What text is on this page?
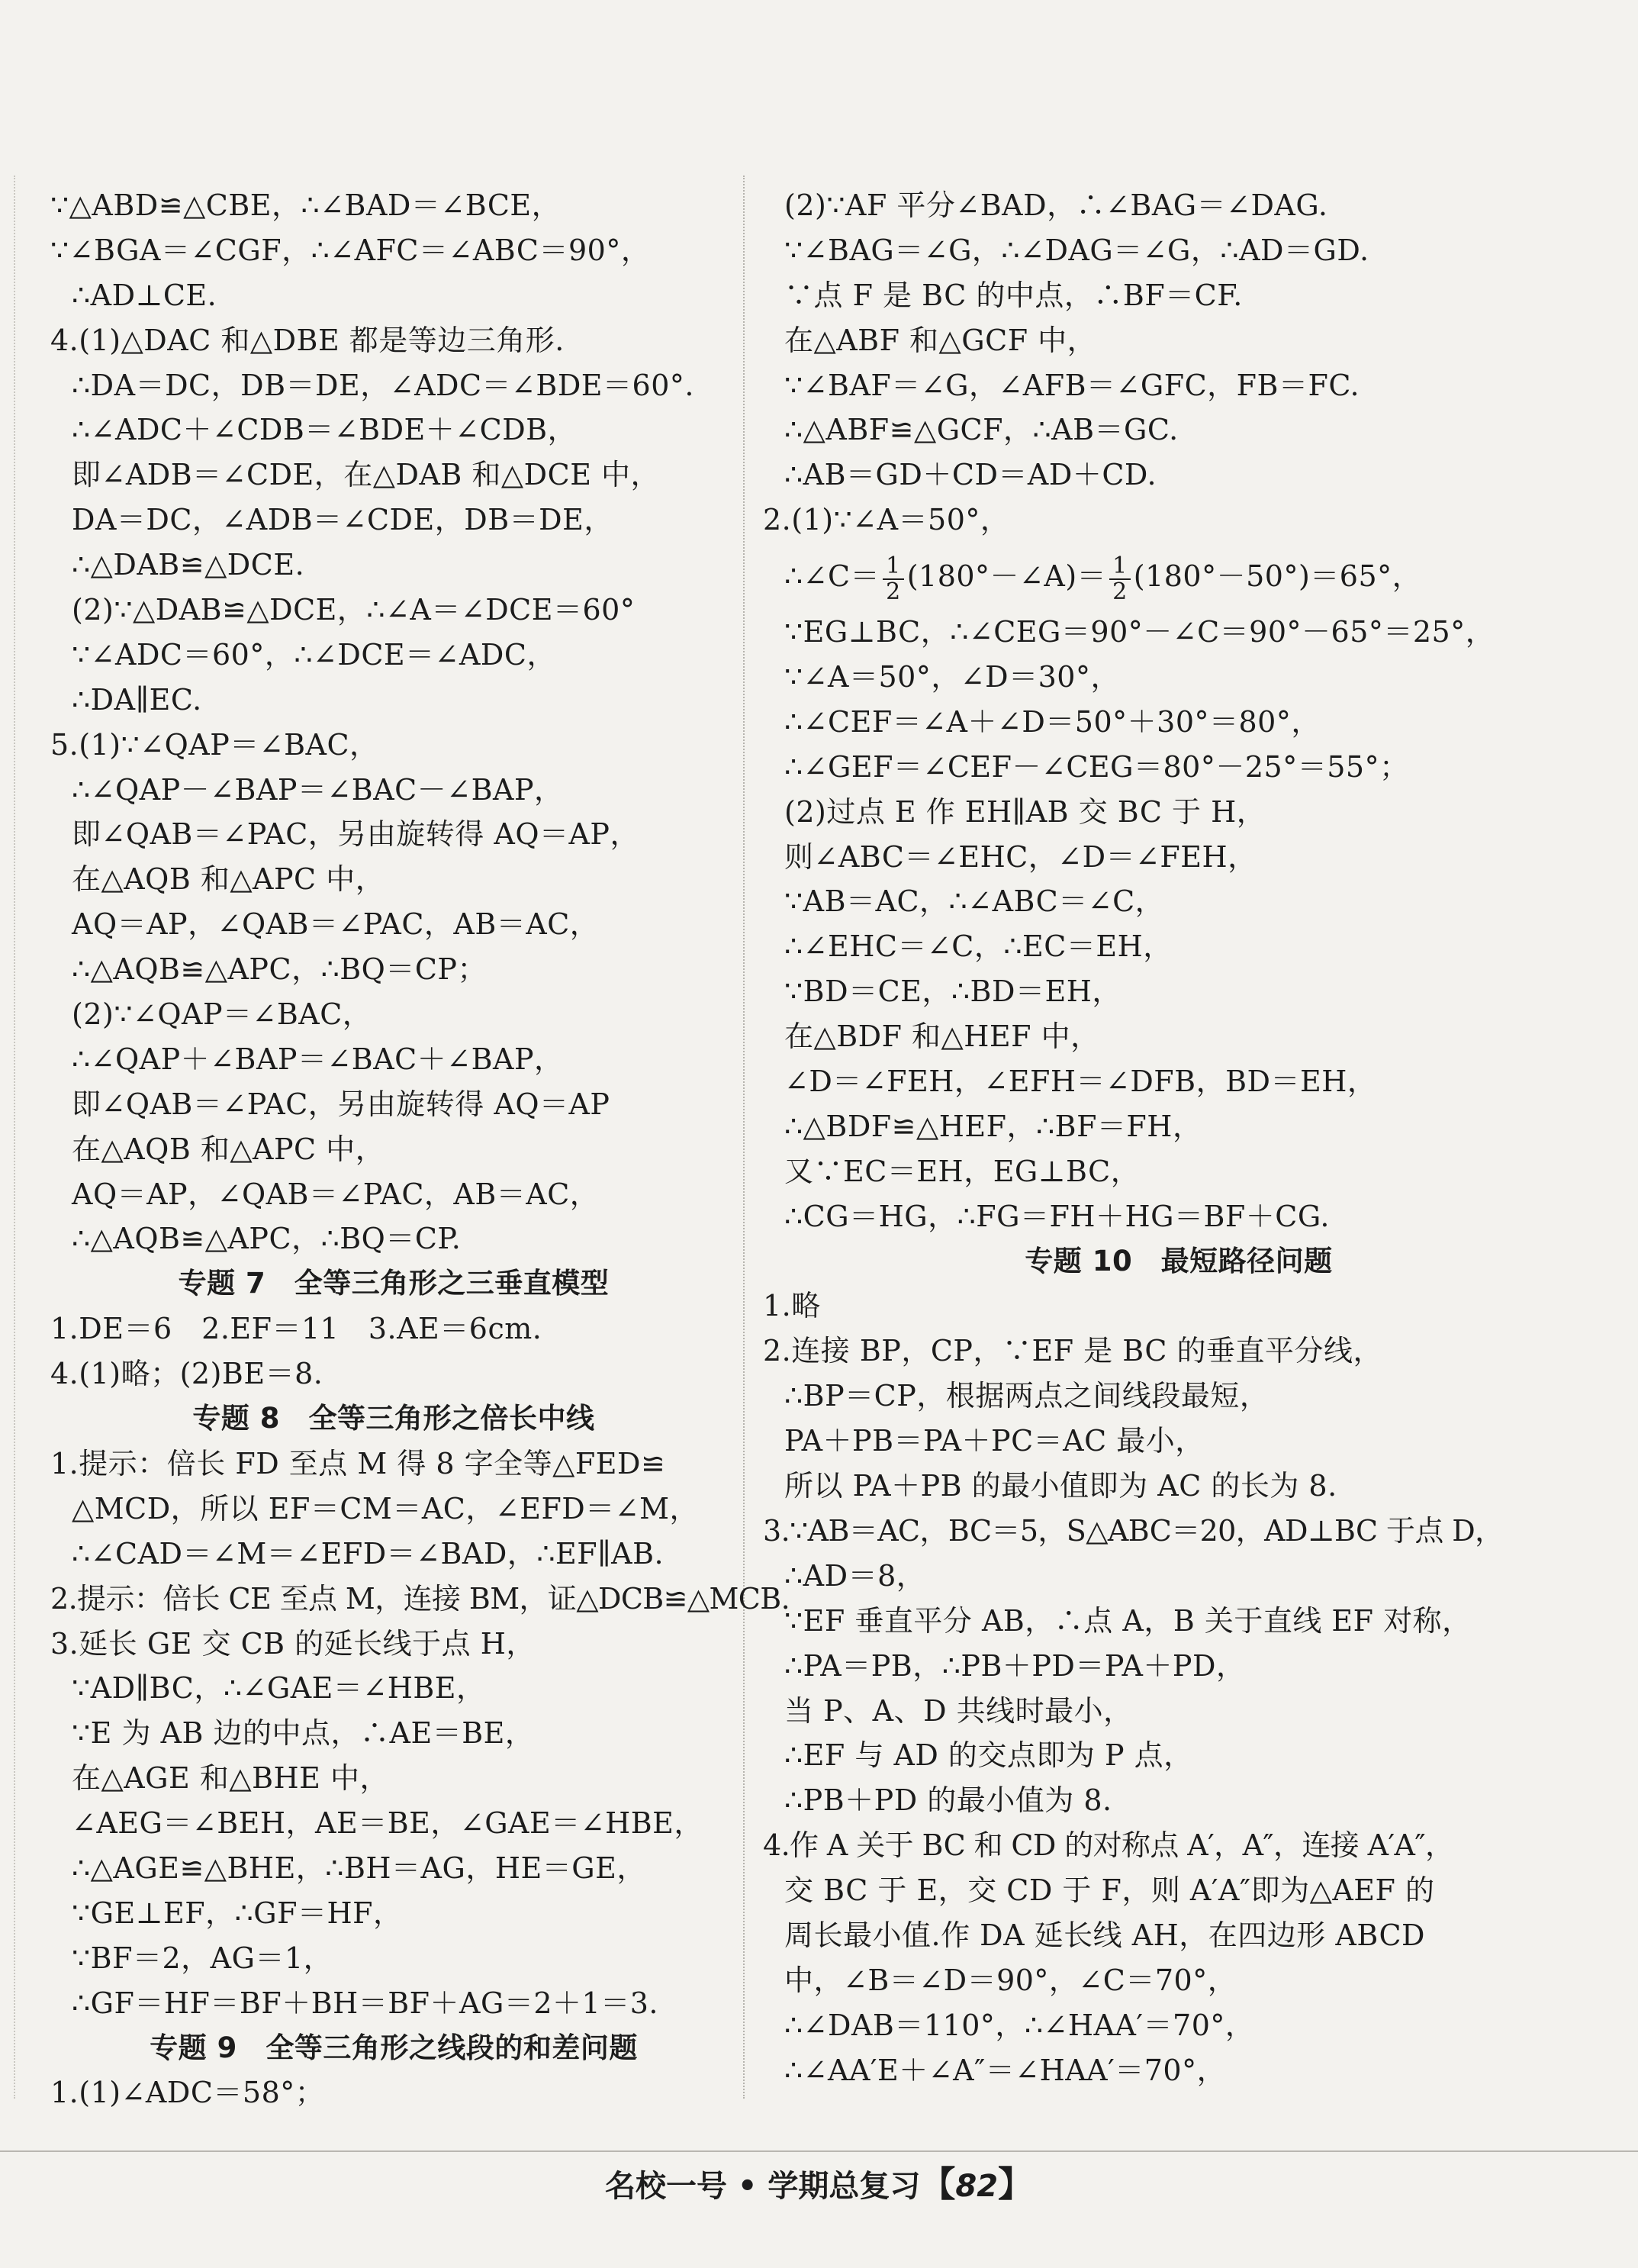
∵△ABD≌△CBE，∴∠BAD＝∠BCE，
∵∠BGA＝∠CGF，∴∠AFC＝∠ABC＝90°，
∴AD⊥CE.
4.(1)△DAC 和△DBE 都是等边三角形.
∴DA＝DC，DB＝DE，∠ADC＝∠BDE＝60°.
∴∠ADC＋∠CDB＝∠BDE＋∠CDB，
即∠ADB＝∠CDE，在△DAB 和△DCE 中，
DA＝DC，∠ADB＝∠CDE，DB＝DE，
∴△DAB≌△DCE.
(2)∵△DAB≌△DCE，∴∠A＝∠DCE＝60°
∵∠ADC＝60°，∴∠DCE＝∠ADC，
∴DA∥EC.
5.(1)∵∠QAP＝∠BAC，
∴∠QAP－∠BAP＝∠BAC－∠BAP，
即∠QAB＝∠PAC，另由旋转得 AQ＝AP，
在△AQB 和△APC 中，
AQ＝AP，∠QAB＝∠PAC，AB＝AC，
∴△AQB≌△APC，∴BQ＝CP；
(2)∵∠QAP＝∠BAC，
∴∠QAP＋∠BAP＝∠BAC＋∠BAP，
即∠QAB＝∠PAC，另由旋转得 AQ＝AP
在△AQB 和△APC 中，
AQ＝AP，∠QAB＝∠PAC，AB＝AC，
∴△AQB≌△APC，∴BQ＝CP.
专题 7　全等三角形之三垂直模型
1.DE＝6　2.EF＝11　3.AE＝6cm.
4.(1)略；(2)BE＝8.
专题 8　全等三角形之倍长中线
1.提示：倍长 FD 至点 M 得 8 字全等△FED≌
△MCD，所以 EF＝CM＝AC，∠EFD＝∠M，
∴∠CAD＝∠M＝∠EFD＝∠BAD，∴EF∥AB.
2.提示：倍长 CE 至点 M，连接 BM，证△DCB≌△MCB.
3.延长 GE 交 CB 的延长线于点 H，
∵AD∥BC，∴∠GAE＝∠HBE，
∵E 为 AB 边的中点，∴AE＝BE，
在△AGE 和△BHE 中，
∠AEG＝∠BEH，AE＝BE，∠GAE＝∠HBE，
∴△AGE≌△BHE，∴BH＝AG，HE＝GE，
∵GE⊥EF，∴GF＝HF，
∵BF＝2，AG＝1，
∴GF＝HF＝BF＋BH＝BF＋AG＝2＋1＝3.
专题 9　全等三角形之线段的和差问题
1.(1)∠ADC＝58°；
(2)∵AF 平分∠BAD，∴∠BAG＝∠DAG.
∵∠BAG＝∠G，∴∠DAG＝∠G，∴AD＝GD.
∵点 F 是 BC 的中点，∴BF＝CF.
在△ABF 和△GCF 中，
∵∠BAF＝∠G，∠AFB＝∠GFC，FB＝FC.
∴△ABF≌△GCF，∴AB＝GC.
∴AB＝GD＋CD＝AD＋CD.
2.(1)∵∠A＝50°，
∴∠C＝ $\frac{1}{2}$ (180°－∠A)＝ $\frac{1}{2} (180^\circ-50^\circ)=65^\circ$，
∵EG⊥BC，∴∠CEG＝90°－∠C＝90°－65°＝25°，
∵∠A＝50°，∠D＝30°，
∴∠CEF＝∠A＋∠D＝50°＋30°＝80°，
∴∠GEF＝∠CEF－∠CEG＝80°－25°＝55°；
(2)过点 E 作 EH∥AB 交 BC 于 H，
则∠ABC＝∠EHC，∠D＝∠FEH，
∵AB＝AC，∴∠ABC＝∠C，
∴∠EHC＝∠C，∴EC＝EH，
∵BD＝CE，∴BD＝EH，
在△BDF 和△HEF 中，
∠D＝∠FEH，∠EFH＝∠DFB，BD＝EH，
∴△BDF≌△HEF，∴BF＝FH，
又∵EC＝EH，EG⊥BC，
∴CG＝HG，∴FG＝FH＋HG＝BF＋CG.
专题 10　最短路径问题
1.略
2.连接 BP，CP，∵EF 是 BC 的垂直平分线，
∴BP＝CP，根据两点之间线段最短，
PA＋PB＝PA＋PC＝AC 最小，
所以 PA＋PB 的最小值即为 AC 的长为 8.
3.∵AB＝AC，BC＝5，S△ABC＝20，AD⊥BC 于点 D，
∴AD＝8，
∵EF 垂直平分 AB，∴点 A，B 关于直线 EF 对称，
∴PA＝PB，∴PB＋PD＝PA＋PD，
当 P、A、D 共线时最小，
∴EF 与 AD 的交点即为 P 点，
∴PB＋PD 的最小值为 8.
4.作 A 关于 BC 和 CD 的对称点 A′，A″，连接 A′A″，
交 BC 于 E，交 CD 于 F，则 A′A″即为△AEF 的
周长最小值.作 DA 延长线 AH，在四边形 ABCD
中，∠B＝∠D＝90°，∠C＝70°，
∴∠DAB＝110°，∴∠HAA′＝70°，
∴∠AA′E＋∠A″＝∠HAA′＝70°，
名校一号 • 学期总复习【82】
